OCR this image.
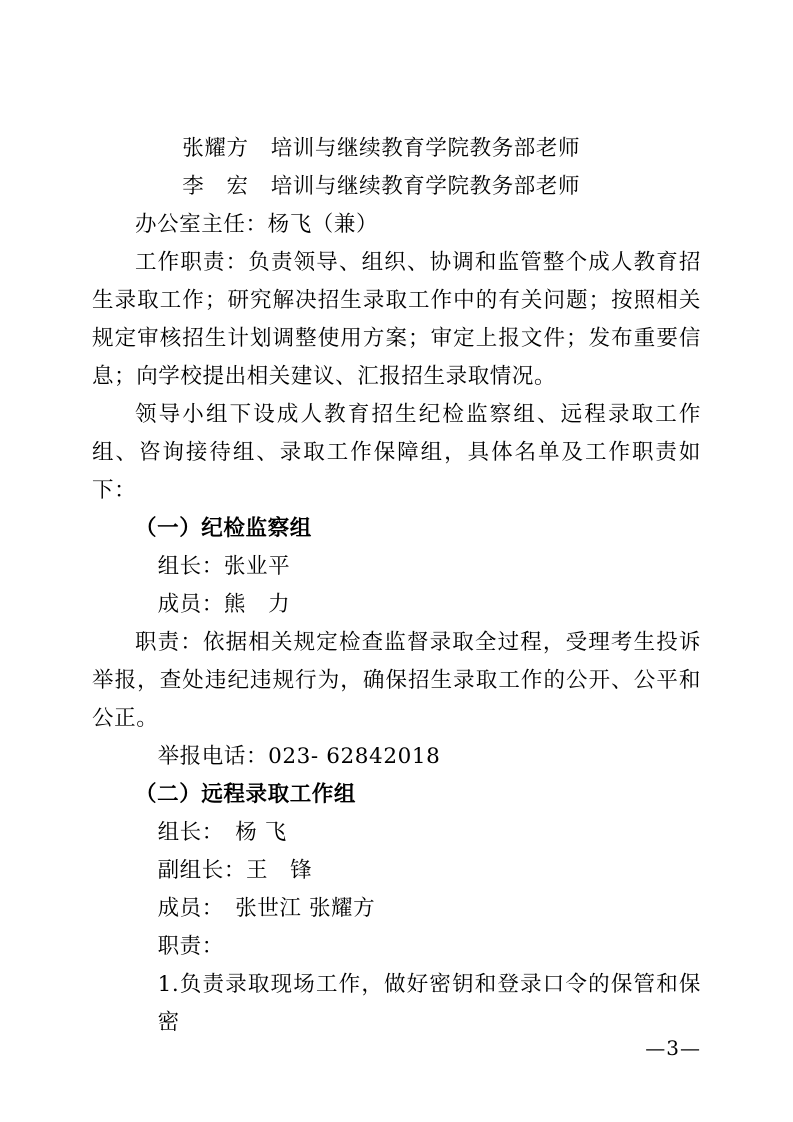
张耀方　培训与继续教育学院教务部老师
李　宏　培训与继续教育学院教务部老师
办公室主任：杨飞（兼）
工作职责：负责领导、组织、协调和监管整个成人教育招生录取工作；研究解决招生录取工作中的有关问题；按照相关规定审核招生计划调整使用方案；审定上报文件；发布重要信息；向学校提出相关建议、汇报招生录取情况。
领导小组下设成人教育招生纪检监察组、远程录取工作组、咨询接待组、录取工作保障组，具体名单及工作职责如下：
（一）纪检监察组
组长：张业平
成员：熊　力
职责：依据相关规定检查监督录取全过程，受理考生投诉举报，查处违纪违规行为，确保招生录取工作的公开、公平和公正。
举报电话：023- 62842018
（二）远程录取工作组
组长：　杨 飞
副组长：王　锋
成员：　张世江 张耀方
职责：
1.负责录取现场工作，做好密钥和登录口令的保管和保密
—3—
